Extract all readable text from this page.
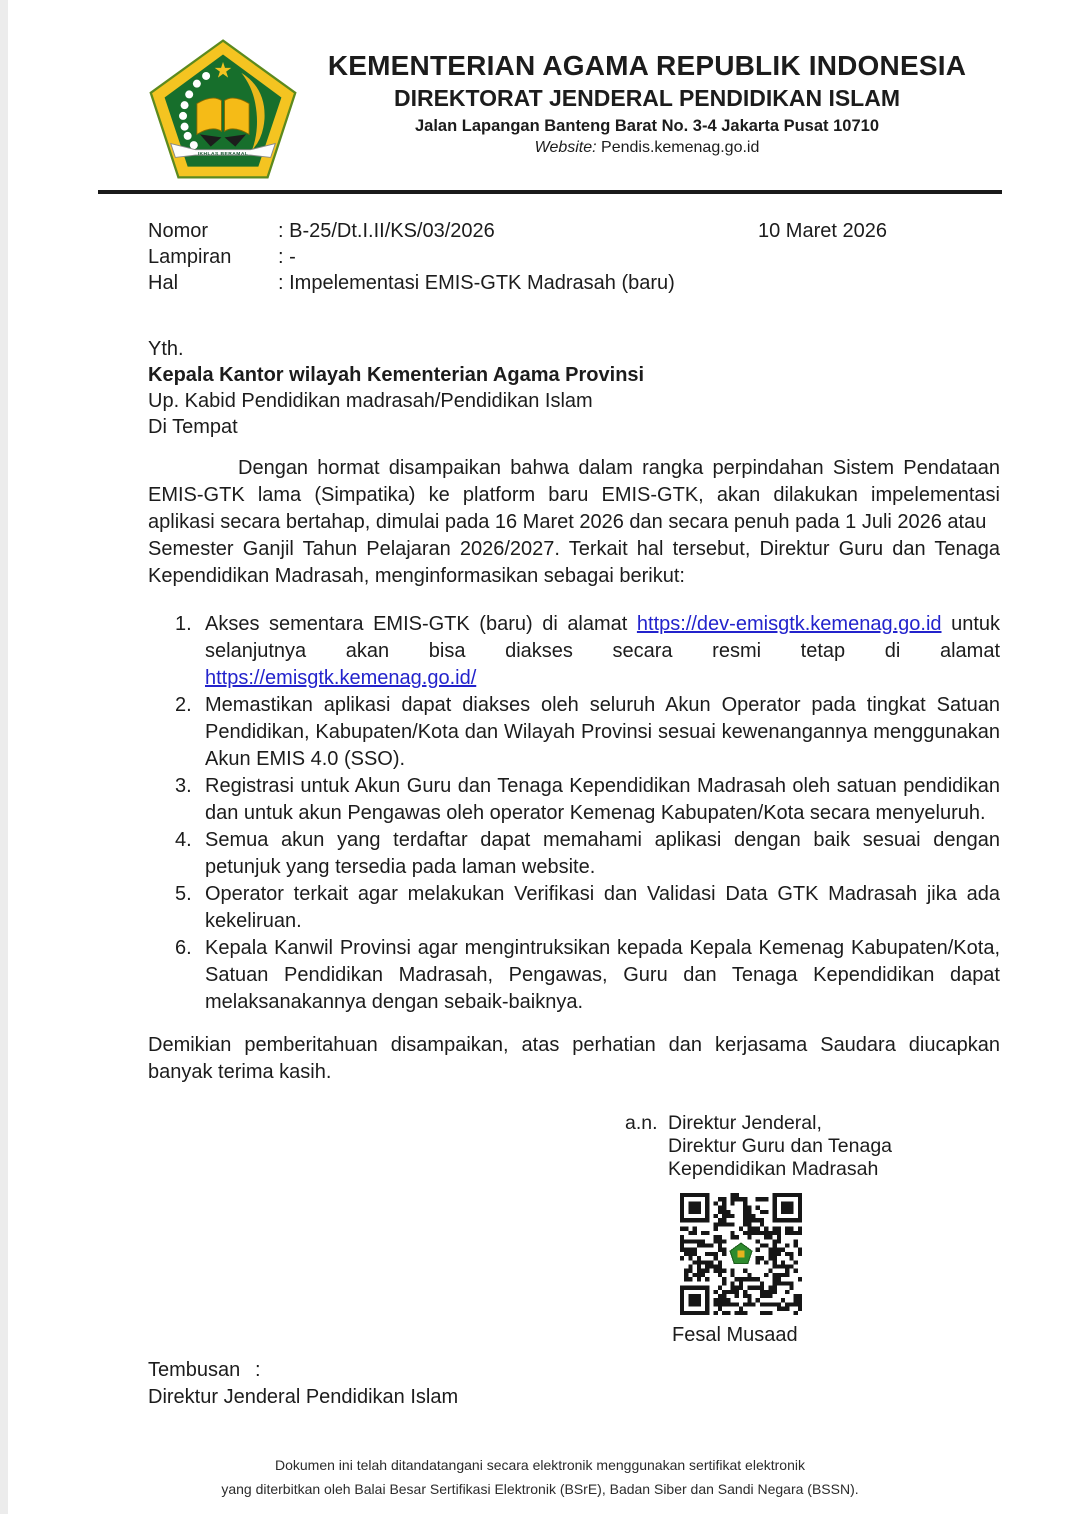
★
IKHLAS BERAMAL
KEMENTERIAN AGAMA REPUBLIK INDONESIA
DIREKTORAT JENDERAL PENDIDIKAN ISLAM
Jalan Lapangan Banteng Barat No. 3-4 Jakarta Pusat 10710
Website: Pendis.kemenag.go.id
10 Maret 2026
Nomor	: B-25/Dt.I.II/KS/03/2026
Lampiran	: -
Hal	: Impelementasi EMIS-GTK Madrasah (baru)
Yth.
Kepala Kantor wilayah Kementerian Agama Provinsi
Up. Kabid Pendidikan madrasah/Pendidikan Islam
Di Tempat

Dengan hormat disampaikan bahwa dalam rangka perpindahan Sistem Pendataan EMIS-GTK lama (Simpatika) ke platform baru EMIS-GTK, akan dilakukan impelementasi aplikasi secara bertahap, dimulai pada 16 Maret 2026 dan secara penuh pada 1 Juli 2026 atau
Semester Ganjil Tahun Pelajaran 2026/2027. Terkait hal tersebut, Direktur Guru dan Tenaga Kependidikan Madrasah, menginformasikan sebagai berikut:

1. Akses sementara EMIS-GTK (baru) di alamat https://dev-emisgtk.kemenag.go.id untuk selanjutnya akan bisa diakses secara resmi tetap di alamat https://emisgtk.kemenag.go.id/
2. Memastikan aplikasi dapat diakses oleh seluruh Akun Operator pada tingkat Satuan Pendidikan, Kabupaten/Kota dan Wilayah Provinsi sesuai kewenangannya menggunakan Akun EMIS 4.0 (SSO).
3. Registrasi untuk Akun Guru dan Tenaga Kependidikan Madrasah oleh satuan pendidikan dan untuk akun Pengawas oleh operator Kemenag Kabupaten/Kota secara menyeluruh.
4. Semua akun yang terdaftar dapat memahami aplikasi dengan baik sesuai dengan petunjuk yang tersedia pada laman website.
5. Operator terkait agar melakukan Verifikasi dan Validasi Data GTK Madrasah jika ada kekeliruan.
6. Kepala Kanwil Provinsi agar mengintruksikan kepada Kepala Kemenag Kabupaten/Kota, Satuan Pendidikan Madrasah, Pengawas, Guru dan Tenaga Kependidikan dapat melaksanakannya dengan sebaik-baiknya.

Demikian pemberitahuan disampaikan, atas perhatian dan kerjasama Saudara diucapkan banyak terima kasih.

a.n. Direktur Jenderal,
Direktur Guru dan Tenaga
Kependidikan Madrasah
Fesal Musaad
Tembusan :
Direktur Jenderal Pendidikan Islam
Dokumen ini telah ditandatangani secara elektronik menggunakan sertifikat elektronik
yang diterbitkan oleh Balai Besar Sertifikasi Elektronik (BSrE), Badan Siber dan Sandi Negara (BSSN).
